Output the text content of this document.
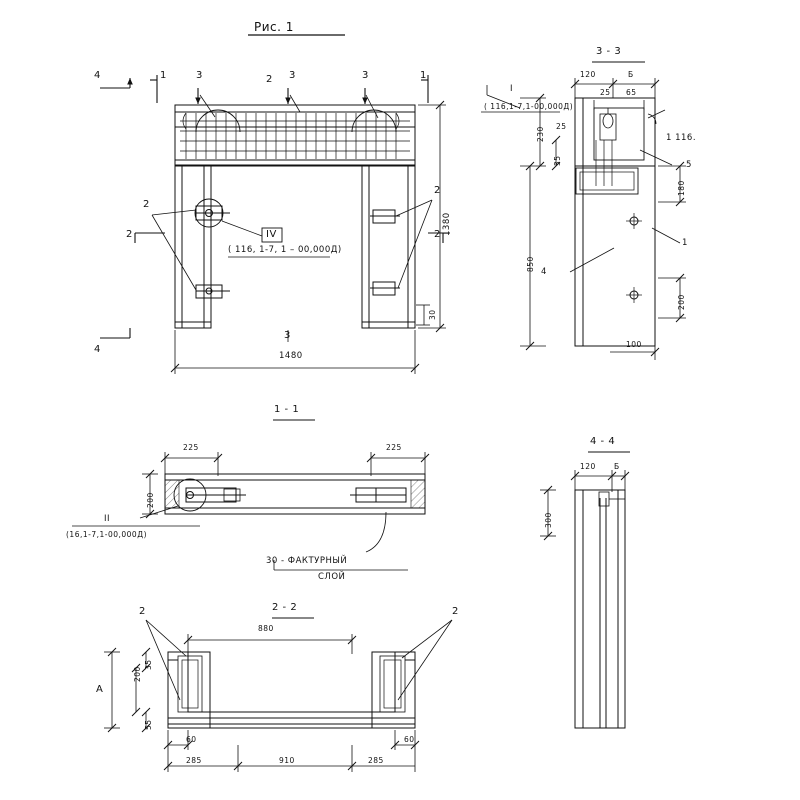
Рис. 1
4	1	3	2 3	3	1
2
2
2
2
3
4
IV
( 116, 1-7, 1 – 00,000Д)
1480
1380
30
3 - 3
120	Б
25 65
25
I
( 116,1-7,1-00,000Д)
1 116.
5
4
1
230
35
850
180
200
100
1 - 1
225	225
200
II
(16,1-7,1-00,000Д)
30 - ФАКТУРНЫЙ
СЛОЙ
4 - 4
120 Б
300
2 - 2
2	2
880
A
35
200
55
60	60
285	910	285
